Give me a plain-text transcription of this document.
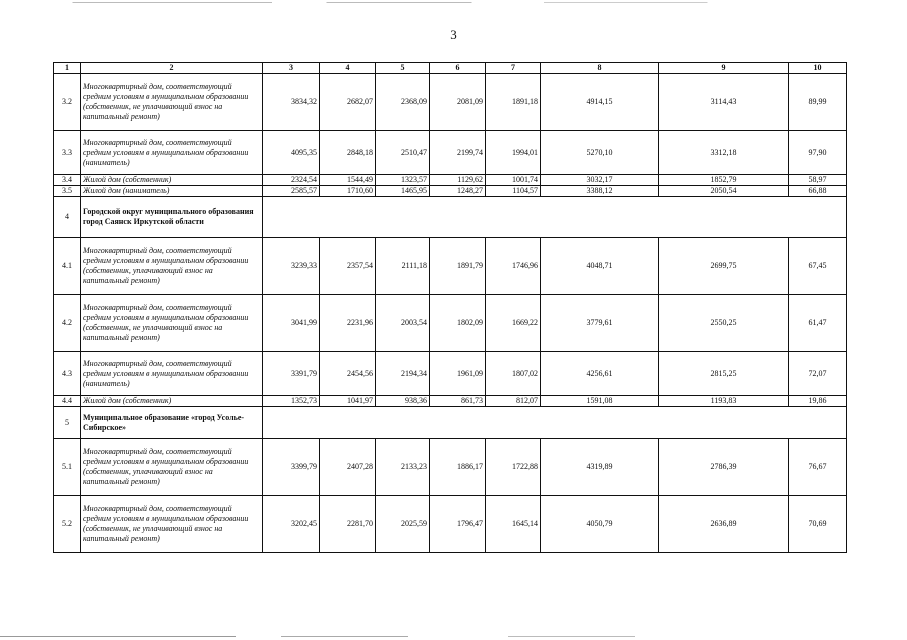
3
1	2	3	4	5	6	7	8	9	10
3.2	Многоквартирный дом, соответствующий средним условиям в муниципальном образовании (собственник, не уплачивающий взнос на капитальный ремонт)	3834,32	2682,07	2368,09	2081,09	1891,18	4914,15	3114,43	89,99
3.3	Многоквартирный дом, соответствующий средним условиям в муниципальном образовании (наниматель)	4095,35	2848,18	2510,47	2199,74	1994,01	5270,10	3312,18	97,90
3.4	Жилой дом (собственник)	2324,54	1544,49	1323,57	1129,62	1001,74	3032,17	1852,79	58,97
3.5	Жилой дом (наниматель)	2585,57	1710,60	1465,95	1248,27	1104,57	3388,12	2050,54	66,88
4	Городской округ муниципального образования город Саянск Иркутской области								
4.1	Многоквартирный дом, соответствующий средним условиям в муниципальном образовании (собственник, уплачивающий взнос на капитальный ремонт)	3239,33	2357,54	2111,18	1891,79	1746,96	4048,71	2699,75	67,45
4.2	Многоквартирный дом, соответствующий средним условиям в муниципальном образовании (собственник, не уплачивающий взнос на капитальный ремонт)	3041,99	2231,96	2003,54	1802,09	1669,22	3779,61	2550,25	61,47
4.3	Многоквартирный дом, соответствующий средним условиям в муниципальном образовании (наниматель)	3391,79	2454,56	2194,34	1961,09	1807,02	4256,61	2815,25	72,07
4.4	Жилой дом (собственник)	1352,73	1041,97	938,36	861,73	812,07	1591,08	1193,83	19,86
5	Муниципальное образование «город Усолье-Сибирское»								
5.1	Многоквартирный дом, соответствующий средним условиям в муниципальном образовании (собственник, уплачивающий взнос на капитальный ремонт)	3399,79	2407,28	2133,23	1886,17	1722,88	4319,89	2786,39	76,67
5.2	Многоквартирный дом, соответствующий средним условиям в муниципальном образовании (собственник, не уплачивающий взнос на капитальный ремонт)	3202,45	2281,70	2025,59	1796,47	1645,14	4050,79	2636,89	70,69
